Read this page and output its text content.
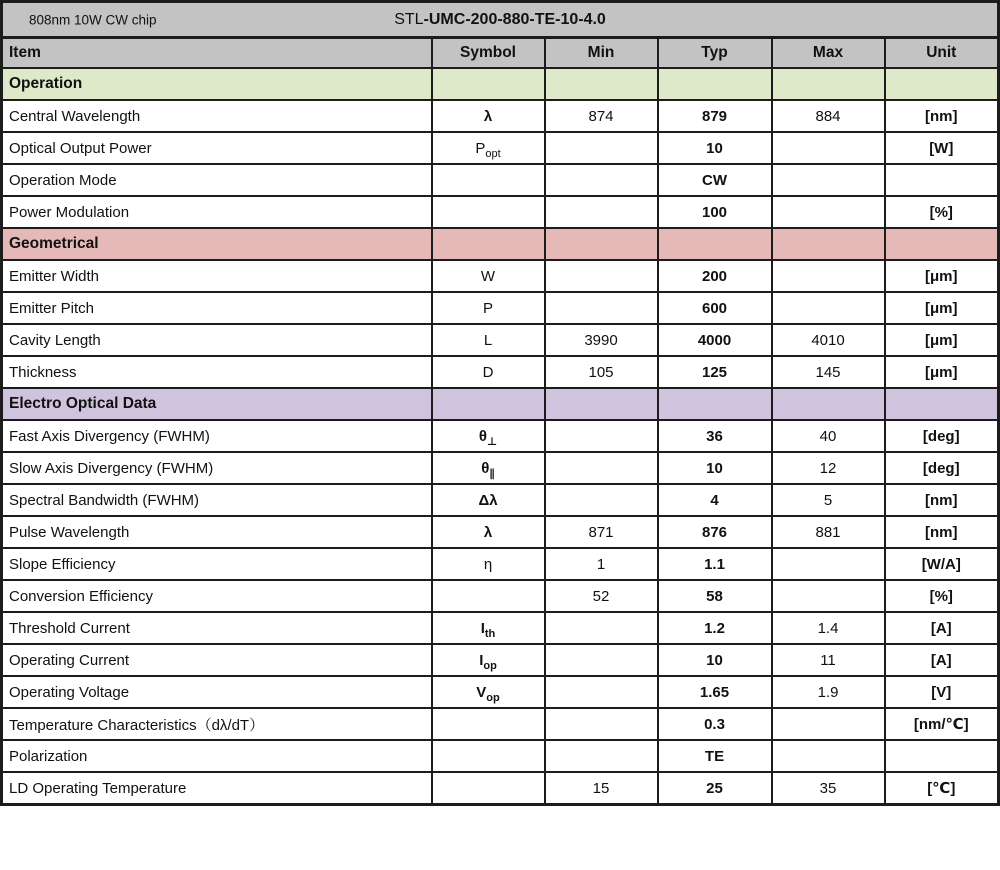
808nm 10W CW chip STL-UMC-200-880-TE-10-4.0					

Item	Symbol	Min	Typ	Max	Unit
Operation					
Central Wavelength	λ	874	879	884	[nm]
Optical Output Power	$P_{opt}$		10		[W]
Operation Mode			CW		
Power Modulation			100		[%]
Geometrical					
Emitter Width	W		200		[μm]
Emitter Pitch	P		600		[μm]
Cavity Length	L	3990	4000	4010	[μm]
Thickness	D	105	125	145	[μm]
Electro Optical Data					
Fast Axis Divergency (FWHM)	$\theta_\perp$		36	40	[deg]
Slow Axis Divergency (FWHM)	$\theta_\parallel$		10	12	[deg]
Spectral Bandwidth (FWHM)	Δλ		4	5	[nm]
Pulse Wavelength	λ	871	876	881	[nm]
Slope Efficiency	η	1	1.1		[W/A]
Conversion Efficiency		52	58		[%]
Threshold Current	$I_{th}$		1.2	1.4	[A]
Operating Current	$I_{op}$		10	11	[A]
Operating Voltage	$V_{op}$		1.65	1.9	[V]
Temperature Characteristics（dλ/dT）			0.3		[nm/℃]
Polarization			TE		
LD Operating Temperature		15	25	35	[℃]
